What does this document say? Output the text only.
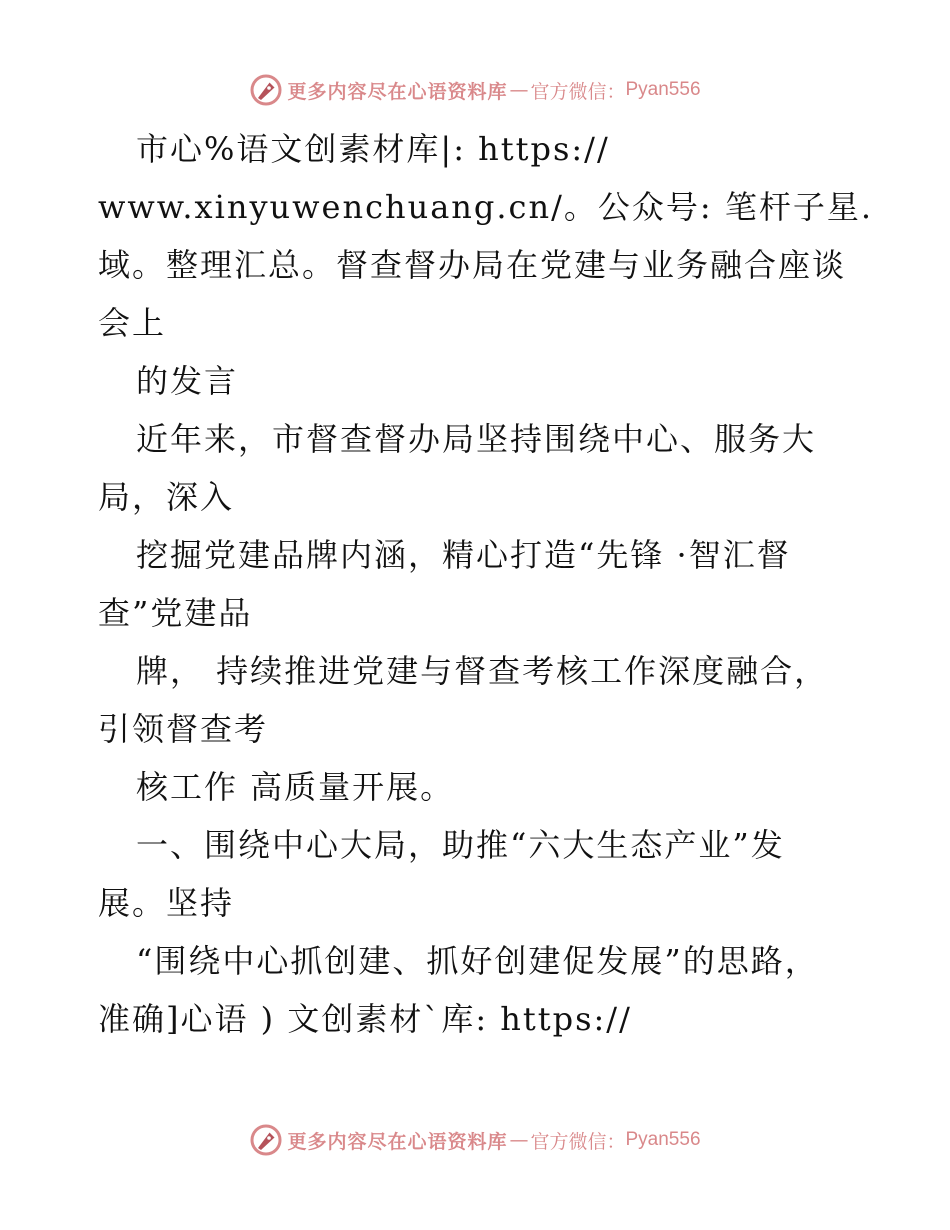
更多内容尽在心语资料库 — 官方微信： Pyan556
市心%语文创素材库|: https://
www.xinyuwenchuang.cn/。公众号: 笔杆子星.
域。整理汇总。督查督办局在党建与业务融合座谈
会上
的发言
近年来，市督查督办局坚持围绕中心、服务大
局，深入
挖掘党建品牌内涵，精心打造“先锋 ·智汇督
查”党建品
牌， 持续推进党建与督查考核工作深度融合，
引领督查考
核工作 高质量开展。
一、围绕中心大局，助推“六大生态产业”发
展。坚持
“围绕中心抓创建、抓好创建促发展”的思路，
准确]心语 ) 文创素材`库: https://
更多内容尽在心语资料库 — 官方微信： Pyan556
